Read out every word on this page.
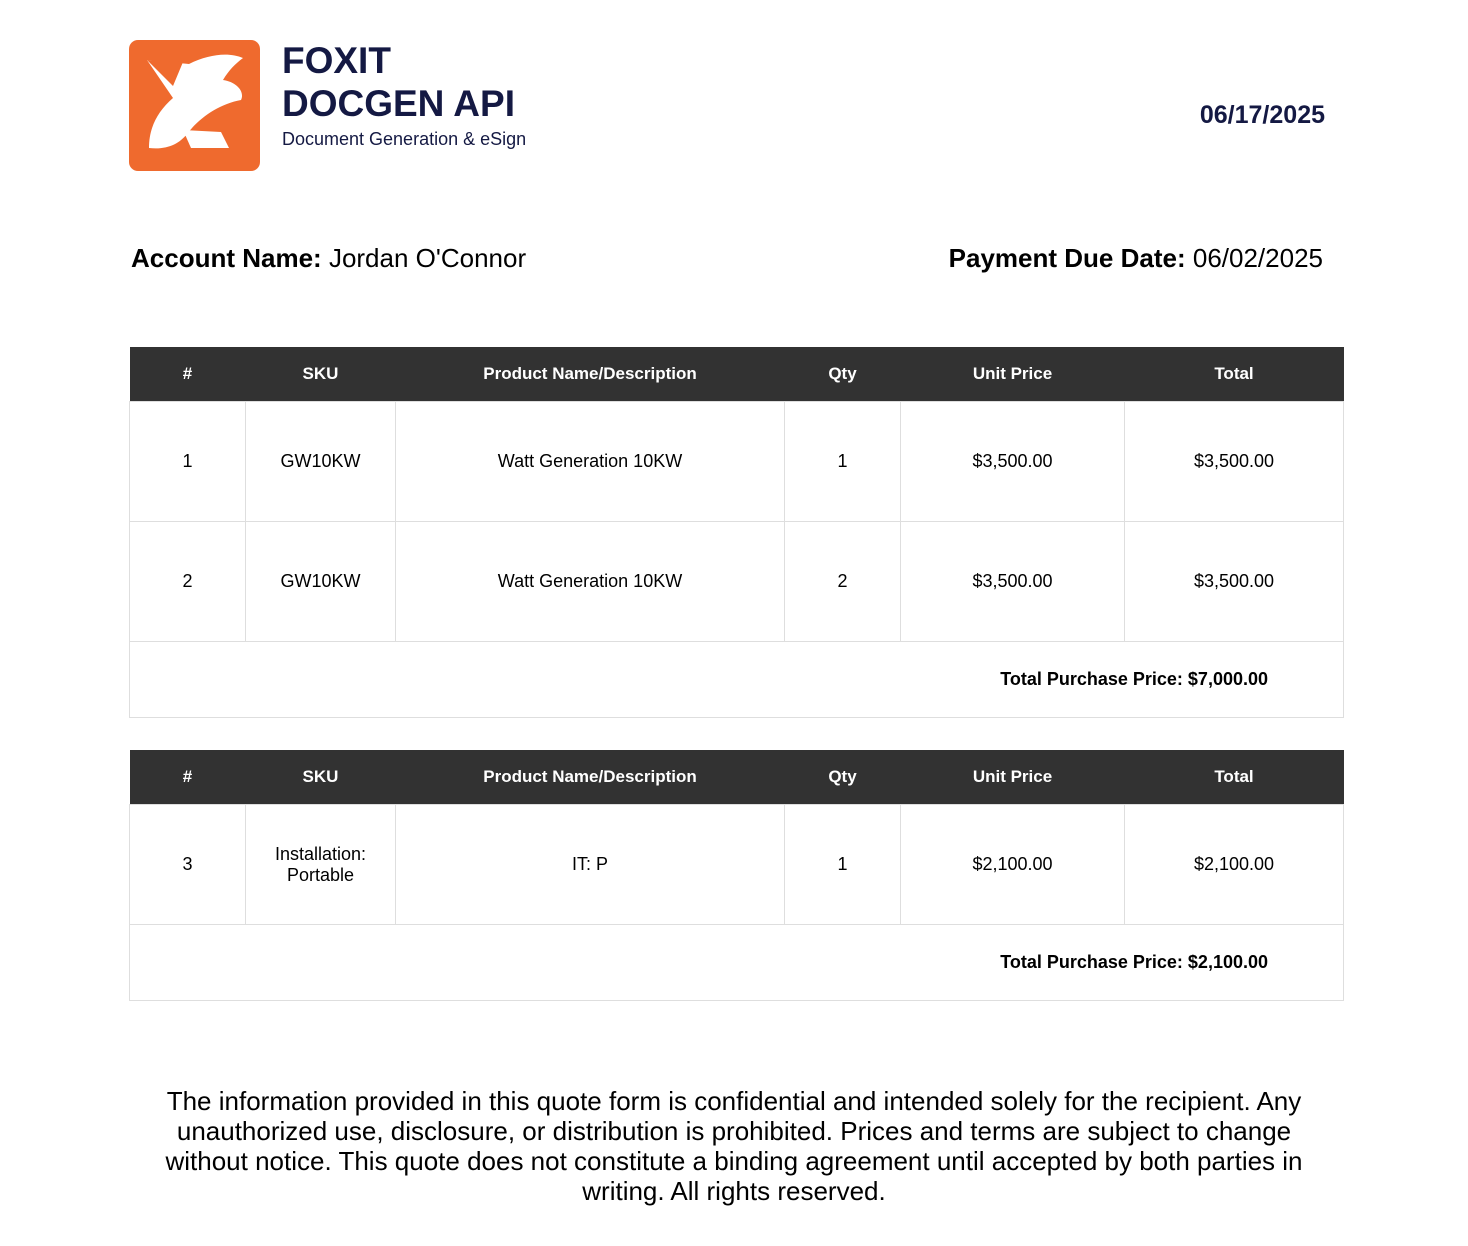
FOXIT
DOCGEN API
Document Generation & eSign
06/17/2025
Account Name: Jordan O'Connor	Payment Due Date: 06/02/2025
#	SKU	Product Name/Description	Qty	Unit Price	Total
1	GW10KW	Watt Generation 10KW	1	$3,500.00	$3,500.00
2	GW10KW	Watt Generation 10KW	2	$3,500.00	$3,500.00
Total Purchase Price: $7,000.00					
#	SKU	Product Name/Description	Qty	Unit Price	Total
3	Installation: Portable	IT: P	1	$2,100.00	$2,100.00
Total Purchase Price: $2,100.00					
The information provided in this quote form is confidential and intended solely for the recipient. Any unauthorized use, disclosure, or distribution is prohibited. Prices and terms are subject to change without notice. This quote does not constitute a binding agreement until accepted by both parties in writing. All rights reserved.
